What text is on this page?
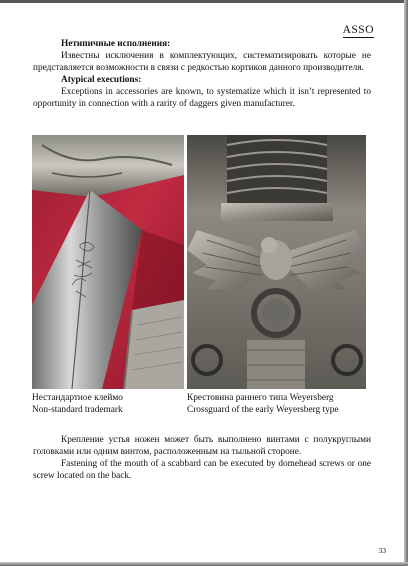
ASSO

Нетипичные исполнения:

Известны исключения в комплектующих, систематизировать которые не представляется возможности в связи с редкостью кортиков данного производителя.

Atypical executions:

Exceptions in accessories are known, to systematize which it isn’t represented to opportunity in connection with a rarity of daggers given manufacturer.

Нестандартное клеймо
Non-standard trademark
Крестовина раннего типа Weyersberg
Crossguard of the early Weyersberg type

Крепление устья ножен может быть выполнено винтами с полукруглыми головками или одним винтом, расположенным на тыльной стороне.

Fastening of the mouth of a scabbard can be executed by domehead screws or one screw located on the back.

33
